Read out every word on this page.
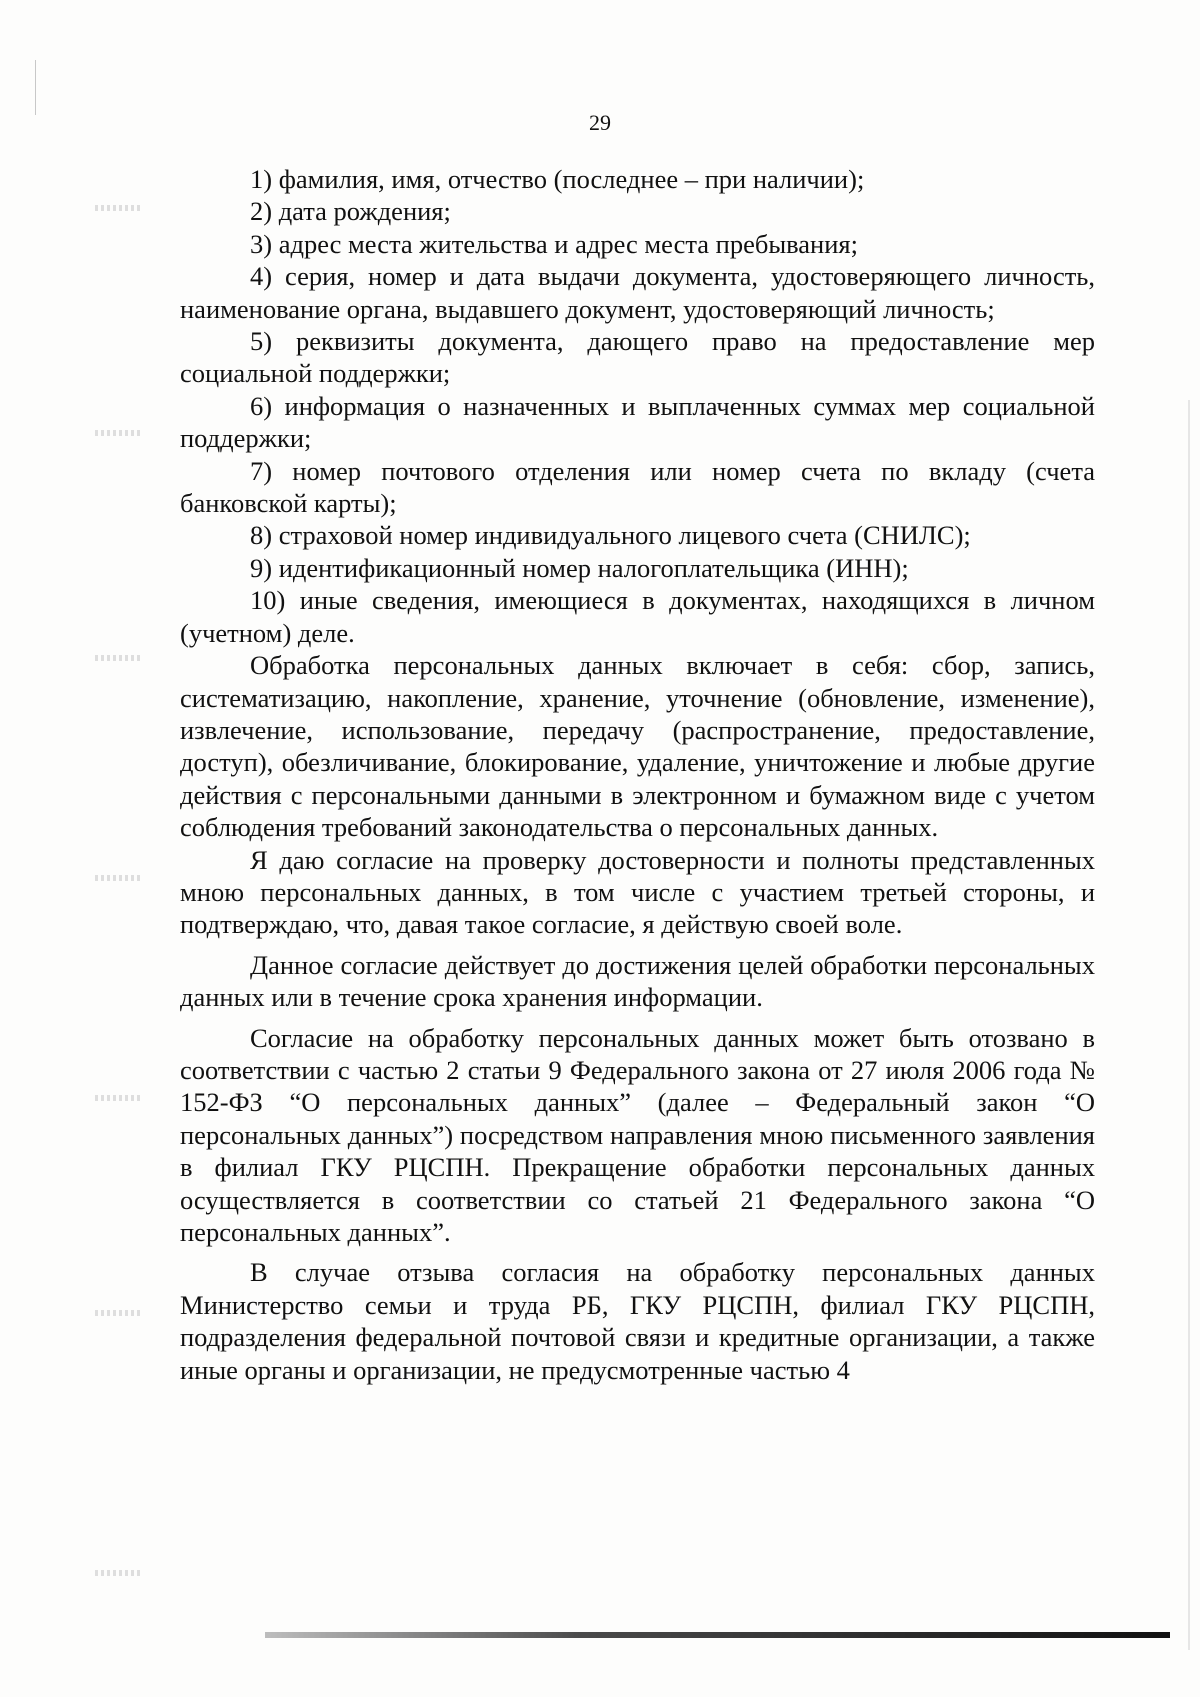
29

1) фамилия, имя, отчество (последнее – при наличии);

2) дата рождения;

3) адрес места жительства и адрес места пребывания;

4) серия, номер и дата выдачи документа, удостоверяющего личность, наименование органа, выдавшего документ, удостоверяющий личность;

5) реквизиты документа, дающего право на предоставление мер социальной поддержки;

6) информация о назначенных и выплаченных суммах мер социальной поддержки;

7) номер почтового отделения или номер счета по вкладу (счета банковской карты);

8) страховой номер индивидуального лицевого счета (СНИЛС);

9) идентификационный номер налогоплательщика (ИНН);

10) иные сведения, имеющиеся в документах, находящихся в личном (учетном) деле.

Обработка персональных данных включает в себя: сбор, запись, систематизацию, накопление, хранение, уточнение (обновление, изменение), извлечение, использование, передачу (распространение, предоставление, доступ), обезличивание, блокирование, удаление, уничтожение и любые другие действия с персональными данными в электронном и бумажном виде с учетом соблюдения требований законодательства о персональных данных.

Я даю согласие на проверку достоверности и полноты представленных мною персональных данных, в том числе с участием третьей стороны, и подтверждаю, что, давая такое согласие, я действую своей воле.

Данное согласие действует до достижения целей обработки персональных данных или в течение срока хранения информации.

Согласие на обработку персональных данных может быть отозвано в соответствии с частью 2 статьи 9 Федерального закона от 27 июля 2006 года № 152-ФЗ “О персональных данных” (далее – Федеральный закон “О персональных данных”) посредством направления мною письменного заявления в филиал ГКУ РЦСПН. Прекращение обработки персональных данных осуществляется в соответствии со статьей 21 Федерального закона “О персональных данных”.

В случае отзыва согласия на обработку персональных данных Министерство семьи и труда РБ, ГКУ РЦСПН, филиал ГКУ РЦСПН, подразделения федеральной почтовой связи и кредитные организации, а также иные органы и организации, не предусмотренные частью 4
